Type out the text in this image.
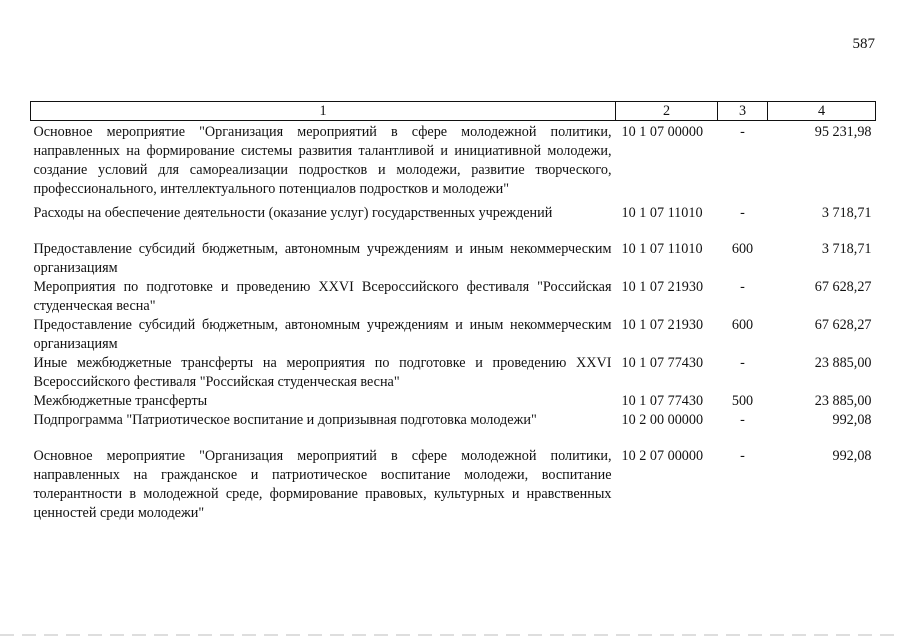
587
1	2	3	4
Основное мероприятие "Организация мероприятий в сфере молодежной политики, направленных на формирование системы развития талантливой и инициативной молодежи, создание условий для самореализации подростков и молодежи, развитие творческого, профессионального, интеллектуального потенциалов подростков и молодежи"	10 1 07 00000	-	95 231,98
Расходы на обеспечение деятельности (оказание услуг) государственных учреждений	10 1 07 11010	-	3 718,71
Предоставление субсидий бюджетным, автономным учреждениям и иным некоммерческим организациям	10 1 07 11010	600	3 718,71
Мероприятия по подготовке и проведению XXVI Всероссийского фестиваля "Российская студенческая весна"	10 1 07 21930	-	67 628,27
Предоставление субсидий бюджетным, автономным учреждениям и иным некоммерческим организациям	10 1 07 21930	600	67 628,27
Иные межбюджетные трансферты на мероприятия по подготовке и проведению XXVI Всероссийского фестиваля "Российская студенческая весна"	10 1 07 77430	-	23 885,00
Межбюджетные трансферты	10 1 07 77430	500	23 885,00
Подпрограмма "Патриотическое воспитание и допризывная подготовка молодежи"	10 2 00 00000	-	992,08
Основное мероприятие "Организация мероприятий в сфере молодежной политики, направленных на гражданское и патриотическое воспитание молодежи, воспитание толерантности в молодежной среде, формирование правовых, культурных и нравственных ценностей среди молодежи"	10 2 07 00000	-	992,08
